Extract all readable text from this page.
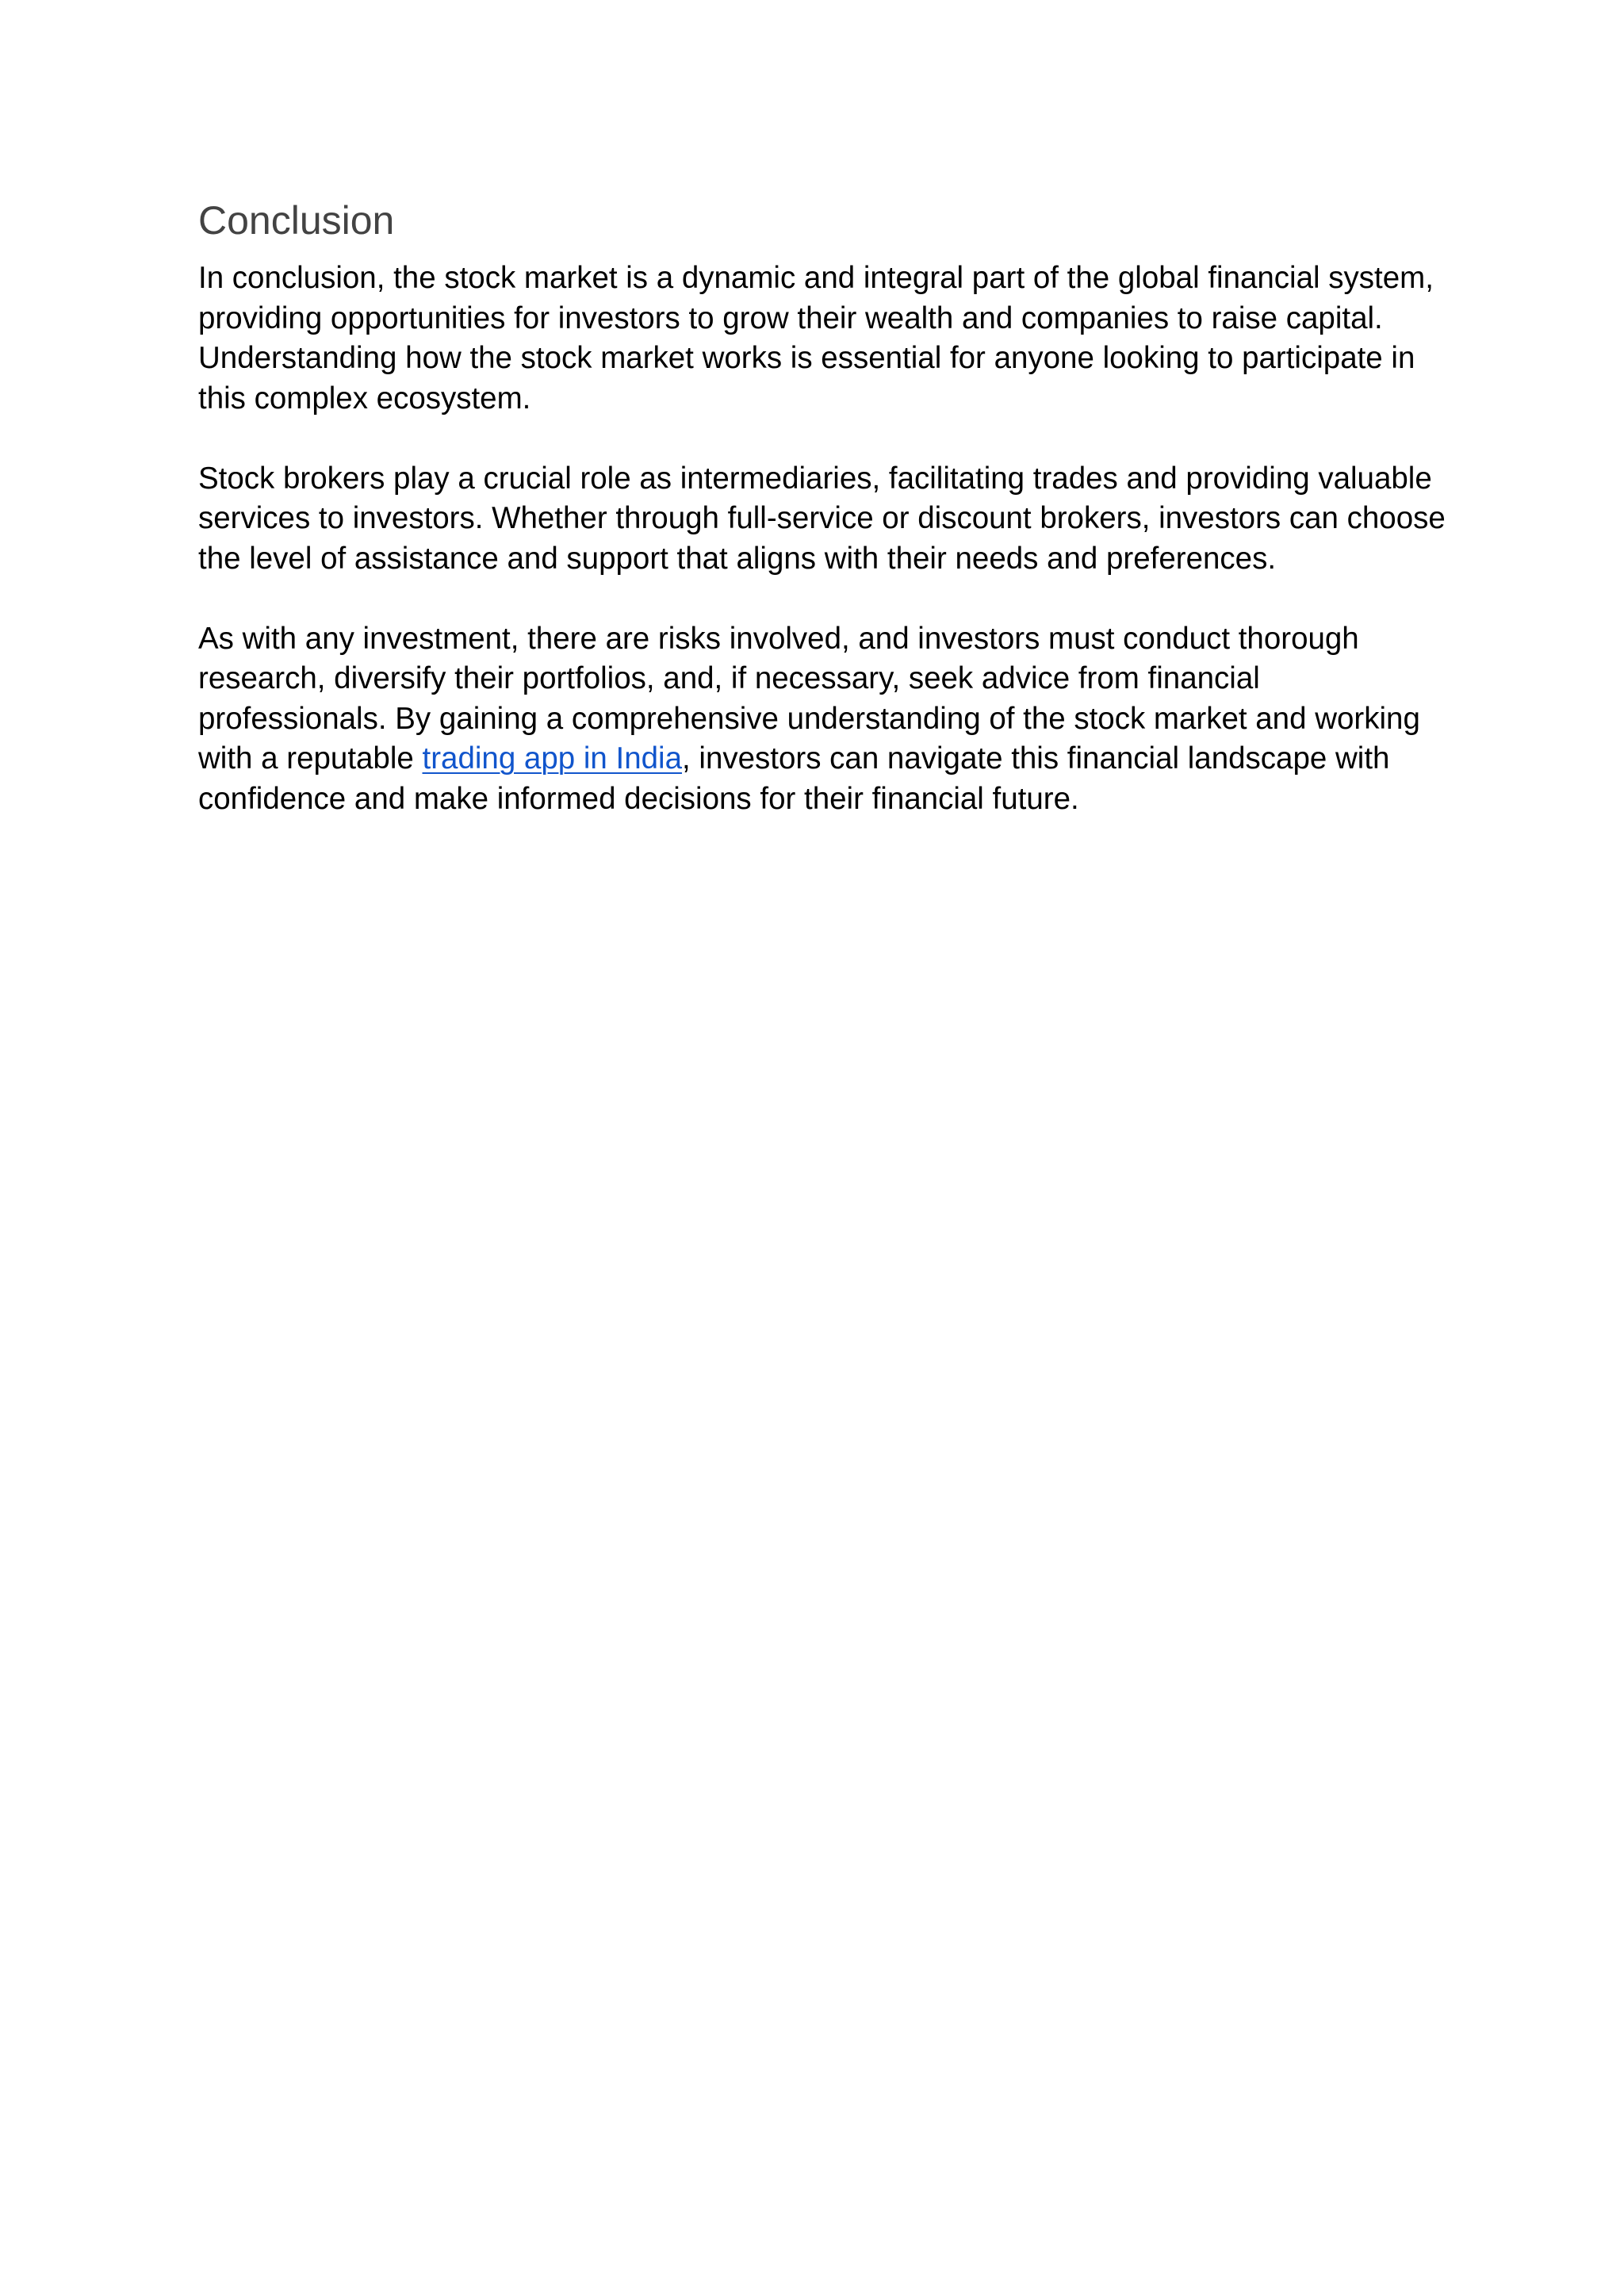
Conclusion

In conclusion, the stock market is a dynamic and integral part of the global financial system,
providing opportunities for investors to grow their wealth and companies to raise capital.
Understanding how the stock market works is essential for anyone looking to participate in
this complex ecosystem.

Stock brokers play a crucial role as intermediaries, facilitating trades and providing valuable
services to investors. Whether through full-service or discount brokers, investors can choose
the level of assistance and support that aligns with their needs and preferences.

As with any investment, there are risks involved, and investors must conduct thorough
research, diversify their portfolios, and, if necessary, seek advice from financial
professionals. By gaining a comprehensive understanding of the stock market and working
with a reputable trading app in India, investors can navigate this financial landscape with
confidence and make informed decisions for their financial future.
